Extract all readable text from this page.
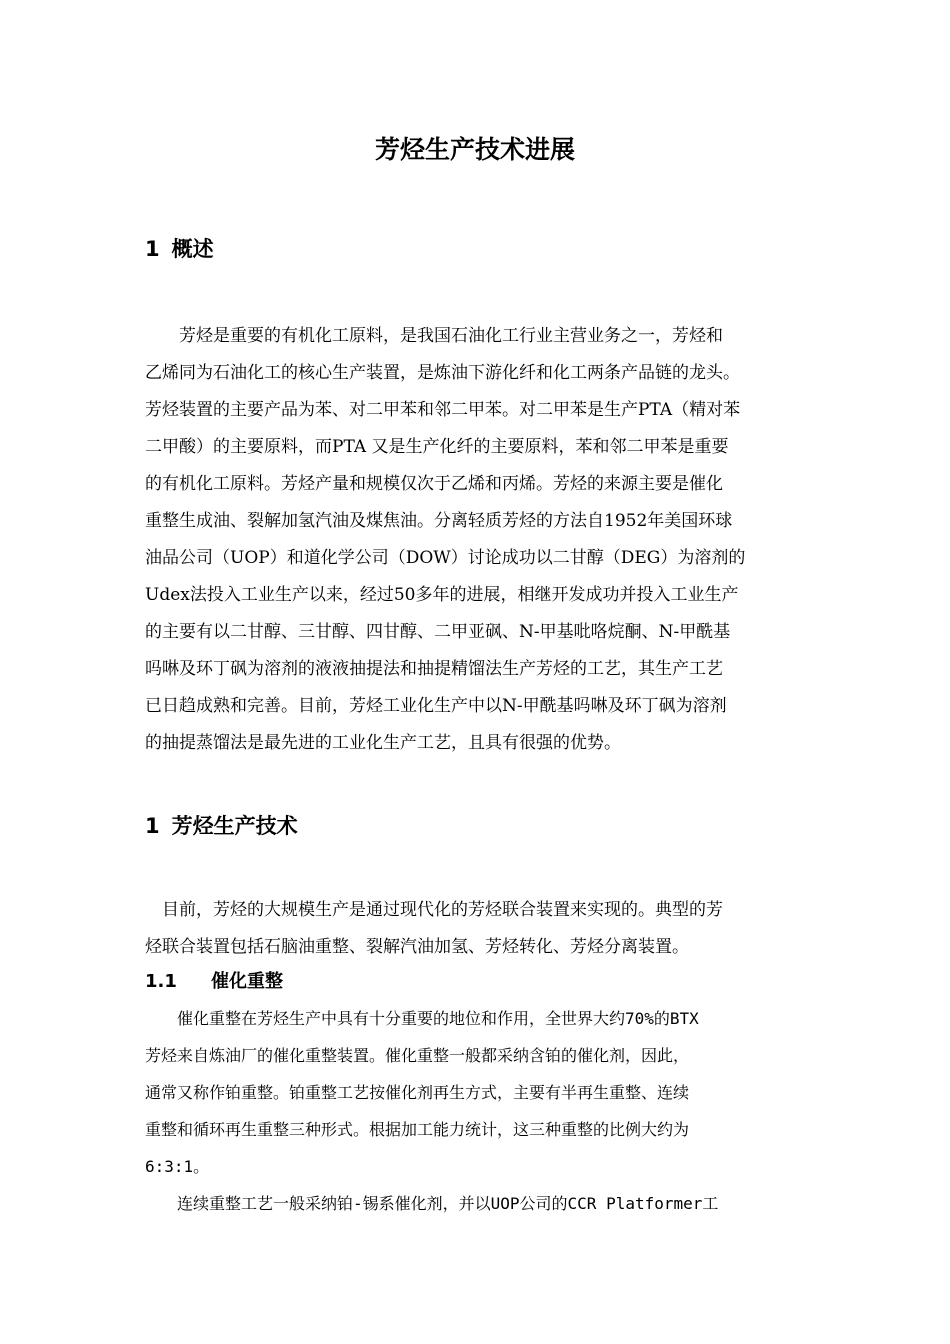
芳烃生产技术进展
1 概述

　　芳烃是重要的有机化工原料，是我国石油化工行业主营业务之一，芳烃和
乙烯同为石油化工的核心生产装置，是炼油下游化纤和化工两条产品链的龙头。
芳烃装置的主要产品为苯、对二甲苯和邻二甲苯。对二甲苯是生产PTA（精对苯
二甲酸）的主要原料，而PTA 又是生产化纤的主要原料，苯和邻二甲苯是重要
的有机化工原料。芳烃产量和规模仅次于乙烯和丙烯。芳烃的来源主要是催化
重整生成油、裂解加氢汽油及煤焦油。分离轻质芳烃的方法自1952年美国环球
油品公司（UOP）和道化学公司（DOW）讨论成功以二甘醇（DEG）为溶剂的
Udex法投入工业生产以来，经过50多年的进展，相继开发成功并投入工业生产
的主要有以二甘醇、三甘醇、四甘醇、二甲亚砜、N-甲基吡咯烷酮、N-甲酰基
吗啉及环丁砜为溶剂的液液抽提法和抽提精馏法生产芳烃的工艺，其生产工艺
已日趋成熟和完善。目前，芳烃工业化生产中以N-甲酰基吗啉及环丁砜为溶剂
的抽提蒸馏法是最先进的工业化生产工艺，且具有很强的优势。

1 芳烃生产技术

　目前，芳烃的大规模生产是通过现代化的芳烃联合装置来实现的。典型的芳
烃联合装置包括石脑油重整、裂解汽油加氢、芳烃转化、芳烃分离装置。

1.1 催化重整

　　催化重整在芳烃生产中具有十分重要的地位和作用，全世界大约70%的BTX
芳烃来自炼油厂的催化重整装置。催化重整一般都采纳含铂的催化剂，因此，
通常又称作铂重整。铂重整工艺按催化剂再生方式，主要有半再生重整、连续
重整和循环再生重整三种形式。根据加工能力统计，这三种重整的比例大约为
6:3:1。

　　连续重整工艺一般采纳铂-锡系催化剂，并以UOP公司的CCR Platformer工
